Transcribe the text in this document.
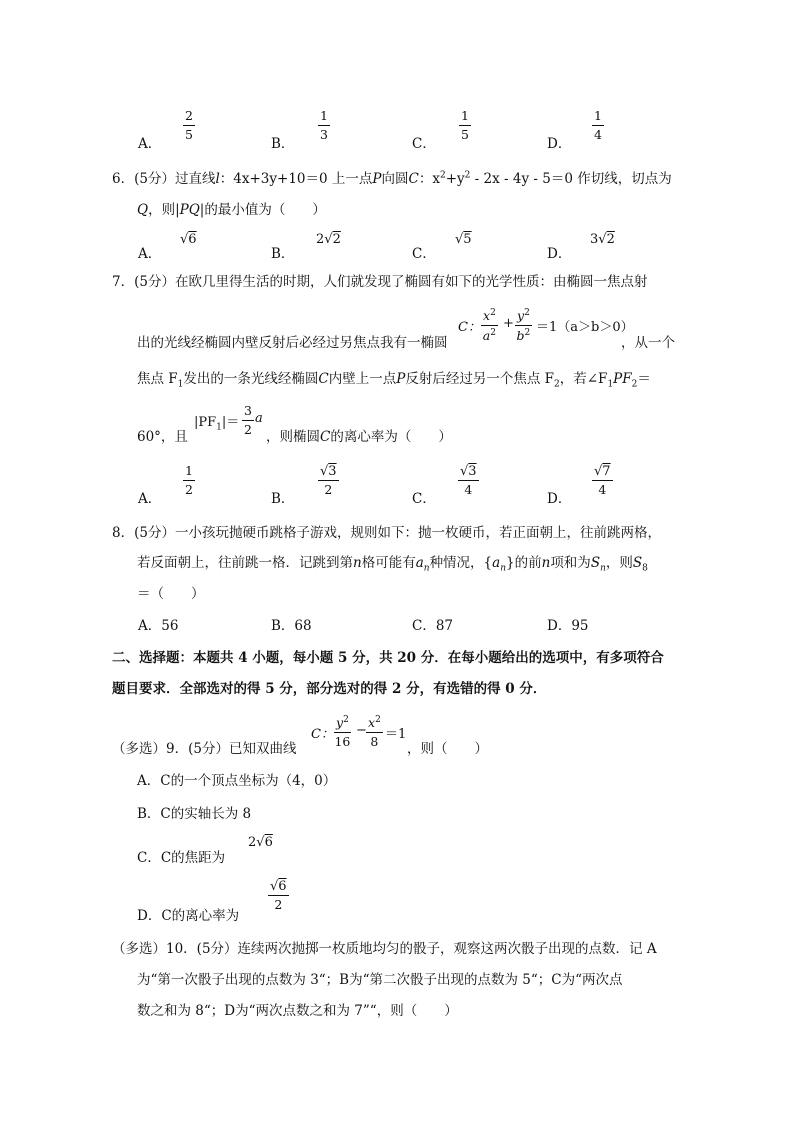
A．
2
5
B．
1
3
C．
1
5
D．
1
4
6．(5分）过直线l：4x+3y+10＝0 上一点P向圆C：$x^2+y^2 - 2x - 4y - 5=0$ 作切线，切点为
Q，则|PQ|的最小值为（　　）
A．
√6
B．
2√2
C．
√5
D．
3√2
7．(5分）在欧几里得生活的时期，人们就发现了椭圆有如下的光学性质：由椭圆一焦点射
出的光线经椭圆内壁反射后必经过另焦点我有一椭圆
C：
$x^2$
$a^2$
+
$y^2$
$b^2 =1(a>b>0)$
，从一个
焦点 $F_1$发出的一条光线经椭圆C内壁上一点P反射后经过另一个焦点 $F_2$，若$\angle F_1PF_2=$
60°，且
$|PF_1|=$
3
2
a
，则椭圆C的离心率为（　　）
A．
1
2
B．
√3
2
C．
√3
4
D．
√7
4
8．(5分）一小孩玩抛硬币跳格子游戏，规则如下：抛一枚硬币，若正面朝上，往前跳两格，
若反面朝上，往前跳一格．记跳到第n格可能有$a_n$种情况，$\{a_n\}$的前n项和为$S_n$，则$S_8$
＝（　　）
A．56	B．68	C．87	D．95
二、选择题：本题共 4 小题，每小题 5 分，共 20 分．在每小题给出的选项中，有多项符合
题目要求．全部选对的得 5 分，部分选对的得 2 分，有选错的得 0 分．
（多选）9．(5分）已知双曲线
C：
$y^2$
16
−
$x^2$
8 ＝1
，则（　　）
A．C的一个顶点坐标为（4，0）
B．C的实轴长为 8
C．C的焦距为
2√6
D．C的离心率为
√6
2
（多选）10．(5分）连续两次抛掷一枚质地均匀的骰子，观察这两次骰子出现的点数．记 A
为“第一次骰子出现的点数为 3“；B为“第二次骰子出现的点数为 5“；C为“两次点
数之和为 8“；D为“两次点数之和为 7”“，则（　　）
